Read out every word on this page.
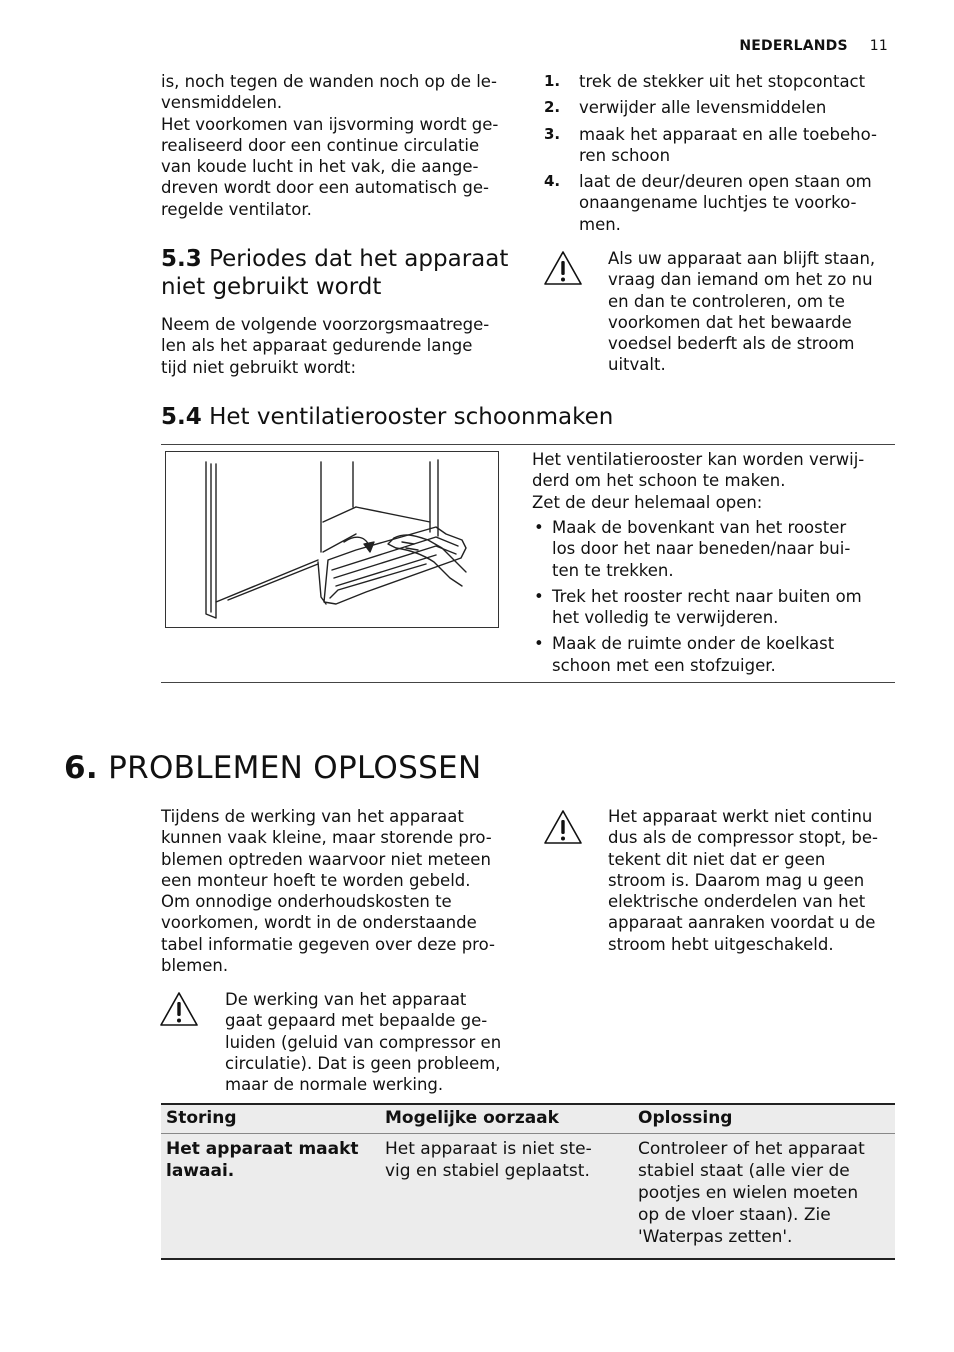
NEDERLANDS 11
is, noch tegen de wanden noch op de le-
vensmiddelen.
Het voorkomen van ijsvorming wordt ge-
realiseerd door een continue circulatie
van koude lucht in het vak, die aange-
dreven wordt door een automatisch ge-
regelde ventilator.
5.3 Periodes dat het apparaat
niet gebruikt wordt
Neem de volgende voorzorgsmaatrege-
len als het apparaat gedurende lange
tijd niet gebruikt wordt:
1. trek de stekker uit het stopcontact
2. verwijder alle levensmiddelen
3. maak het apparaat en alle toebeho-
ren schoon
4. laat de deur/deuren open staan om
onaangename luchtjes te voorko-
men.
Als uw apparaat aan blijft staan,
vraag dan iemand om het zo nu
en dan te controleren, om te
voorkomen dat het bewaarde
voedsel bederft als de stroom
uitvalt.
5.4 Het ventilatierooster schoonmaken
Het ventilatierooster kan worden verwij-
derd om het schoon te maken.
Zet de deur helemaal open:
• Maak de bovenkant van het rooster
los door het naar beneden/naar bui-
ten te trekken.
• Trek het rooster recht naar buiten om
het volledig te verwijderen.
• Maak de ruimte onder de koelkast
schoon met een stofzuiger.
6. PROBLEMEN OPLOSSEN
Tijdens de werking van het apparaat
kunnen vaak kleine, maar storende pro-
blemen optreden waarvoor niet meteen
een monteur hoeft te worden gebeld.
Om onnodige onderhoudskosten te
voorkomen, wordt in de onderstaande
tabel informatie gegeven over deze pro-
blemen.
De werking van het apparaat
gaat gepaard met bepaalde ge-
luiden (geluid van compressor en
circulatie). Dat is geen probleem,
maar de normale werking.
Het apparaat werkt niet continu
dus als de compressor stopt, be-
tekent dit niet dat er geen
stroom is. Daarom mag u geen
elektrische onderdelen van het
apparaat aanraken voordat u de
stroom hebt uitgeschakeld.
Storing	Mogelijke oorzaak	Oplossing

Het apparaat maakt
lawaai.	Het apparaat is niet ste-
vig en stabiel geplaatst.	Controleer of het apparaat
stabiel staat (alle vier de
pootjes en wielen moeten
op de vloer staan). Zie
'Waterpas zetten'.
